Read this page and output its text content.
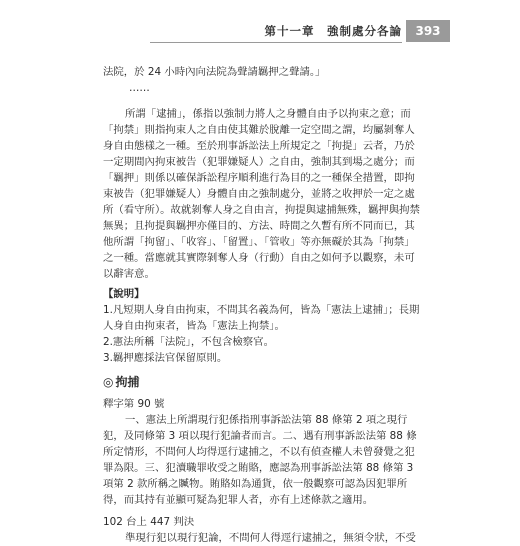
第十一章　強制處分各論	393

法院，於 24 小時內向法院為聲請羈押之聲請。」

……

所謂「逮捕」，係指以強制力將人之身體自由予以拘束之意；而「拘禁」則指拘束人之自由使其難於脫離一定空間之謂，均屬剝奪人身自由態樣之一種。至於刑事訴訟法上所規定之「拘提」云者，乃於一定期間內拘束被告（犯罪嫌疑人）之自由，強制其到場之處分；而「羈押」則係以確保訴訟程序順利進行為目的之一種保全措置，即拘束被告（犯罪嫌疑人）身體自由之強制處分，並將之收押於一定之處所（看守所）。故就剝奪人身之自由言，拘提與逮捕無殊，羈押與拘禁無異；且拘提與羈押亦僅目的、方法、時間之久暫有所不同而已，其他所謂「拘留」、「收容」、「留置」、「管收」等亦無礙於其為「拘禁」之一種。當應就其實際剝奪人身（行動）自由之如何予以觀察，未可以辭害意。

【說明】

1.凡短期人身自由拘束，不問其名義為何，皆為「憲法上逮捕」；長期人身自由拘束者，皆為「憲法上拘禁」。

2.憲法所稱「法院」，不包含檢察官。

3.羈押應採法官保留原則。

◎ 拘捕

釋字第 90 號

一、憲法上所謂現行犯係指刑事訴訟法第 88 條第 2 項之現行犯，及同條第 3 項以現行犯論者而言。二、遇有刑事訴訟法第 88 條所定情形，不問何人均得逕行逮捕之，不以有偵查權人未曾發覺之犯罪為限。三、犯瀆職罪收受之賄賂，應認為刑事訴訟法第 88 條第 3 項第 2 款所稱之贓物。賄賂如為通貨，依一般觀察可認為因犯罪所得，而其持有並顯可疑為犯罪人者，亦有上述條款之適用。

102 台上 447 判決

準現行犯以現行犯論，不問何人得逕行逮捕之，無須令狀，不受
